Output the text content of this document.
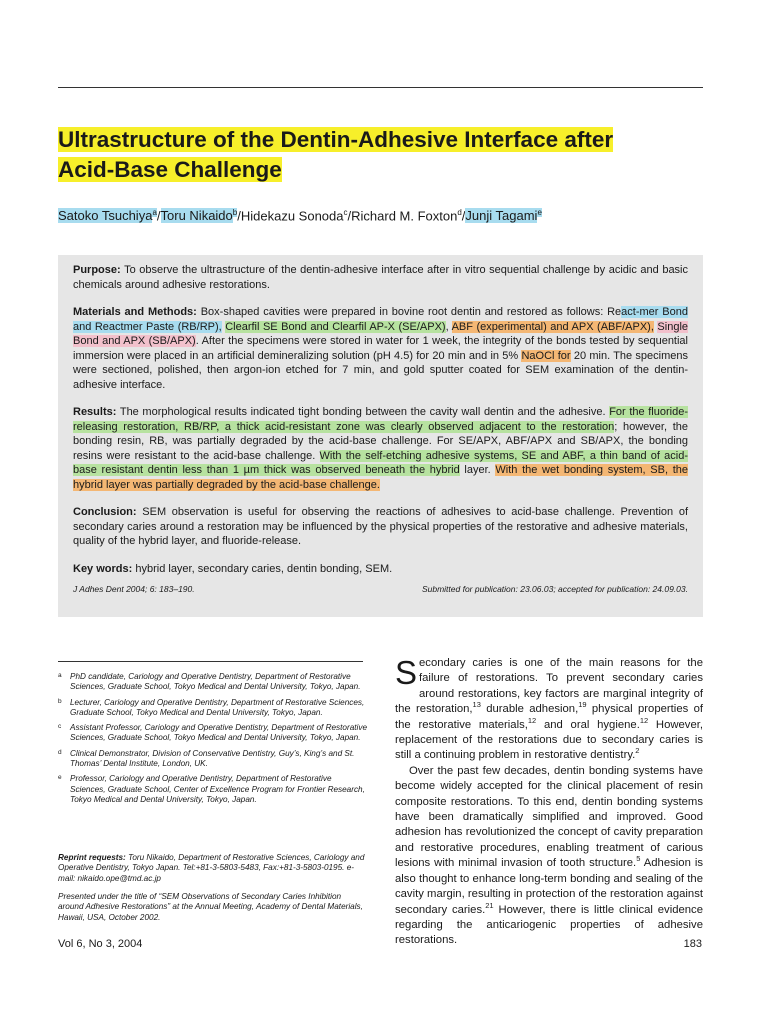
Ultrastructure of the Dentin-Adhesive Interface after
Acid-Base Challenge
Satoko Tsuchiya$^a$/Toru Nikaido$^b$/Hidekazu Sonoda$^c$/Richard M. Foxton$^d$/Junji Tagami$^e$

Purpose: To observe the ultrastructure of the dentin-adhesive interface after in vitro sequential challenge by acidic and basic chemicals around adhesive restorations.

Materials and Methods: Box-shaped cavities were prepared in bovine root dentin and restored as follows: React-mer Bond and Reactmer Paste (RB/RP), Clearfil SE Bond and Clearfil AP-X (SE/APX), ABF (experimental) and APX (ABF/APX), Single Bond and APX (SB/APX). After the specimens were stored in water for 1 week, the integrity of the bonds tested by sequential immersion were placed in an artificial demineralizing solution (pH 4.5) for 20 min and in 5% NaOCl for 20 min. The specimens were sectioned, polished, then argon-ion etched for 7 min, and gold sputter coated for SEM examination of the dentin-adhesive interface.

Results: The morphological results indicated tight bonding between the cavity wall dentin and the adhesive. For the fluoride-releasing restoration, RB/RP, a thick acid-resistant zone was clearly observed adjacent to the restoration; however, the bonding resin, RB, was partially degraded by the acid-base challenge. For SE/APX, ABF/APX and SB/APX, the bonding resins were resistant to the acid-base challenge. With the self-etching adhesive systems, SE and ABF, a thin band of acid-base resistant dentin less than 1 µm thick was observed beneath the hybrid layer. With the wet bonding system, SB, the hybrid layer was partially degraded by the acid-base challenge.

Conclusion: SEM observation is useful for observing the reactions of adhesives to acid-base challenge. Prevention of secondary caries around a restoration may be influenced by the physical properties of the restorative and adhesive materials, quality of the hybrid layer, and fluoride-release.

Key words: hybrid layer, secondary caries, dentin bonding, SEM.

J Adhes Dent 2004; 6: 183–190.	Submitted for publication: 23.06.03; accepted for publication: 24.09.03.
a PhD candidate, Cariology and Operative Dentistry, Department of Restorative Sciences, Graduate School, Tokyo Medical and Dental University, Tokyo, Japan.
b Lecturer, Cariology and Operative Dentistry, Department of Restorative Sciences, Graduate School, Tokyo Medical and Dental University, Tokyo, Japan.
c Assistant Professor, Cariology and Operative Dentistry, Department of Restorative Sciences, Graduate School, Tokyo Medical and Dental University, Tokyo, Japan.
d Clinical Demonstrator, Division of Conservative Dentistry, Guy’s, King’s and St. Thomas’ Dental Institute, London, UK.
e Professor, Cariology and Operative Dentistry, Department of Restorative Sciences, Graduate School, Center of Excellence Program for Frontier Research, Tokyo Medical and Dental University, Tokyo, Japan.
Reprint requests: Toru Nikaido, Department of Restorative Sciences, Cariology and Operative Dentistry, Tokyo Japan. Tel:+81-3-5803-5483, Fax:+81-3-5803-0195. e-mail: nikaido.ope@tmd.ac.jp
Presented under the title of “SEM Observations of Secondary Caries Inhibition around Adhesive Restorations” at the Annual Meeting, Academy of Dental Materials, Hawaii, USA, October 2002.

Secondary caries is one of the main reasons for the failure of restorations. To prevent secondary caries around restorations, key factors are marginal integrity of the restoration,$^{13}$ durable adhesion,$^{19}$ physical properties of the restorative materials,$^{12}$ and oral hygiene.$^{12}$ However, replacement of the restorations due to secondary caries is still a continuing problem in restorative dentistry.$^2$

Over the past few decades, dentin bonding systems have become widely accepted for the clinical placement of resin composite restorations. To this end, dentin bonding systems have been dramatically simplified and improved. Good adhesion has revolutionized the concept of cavity preparation and restorative procedures, enabling treatment of carious lesions with minimal invasion of tooth structure.$^5$ Adhesion is also thought to enhance long-term bonding and sealing of the cavity margin, resulting in protection of the restoration against secondary caries.$^{21}$ However, there is little clinical evidence regarding the anticariogenic properties of adhesive restorations.

Vol 6, No 3, 2004	183
